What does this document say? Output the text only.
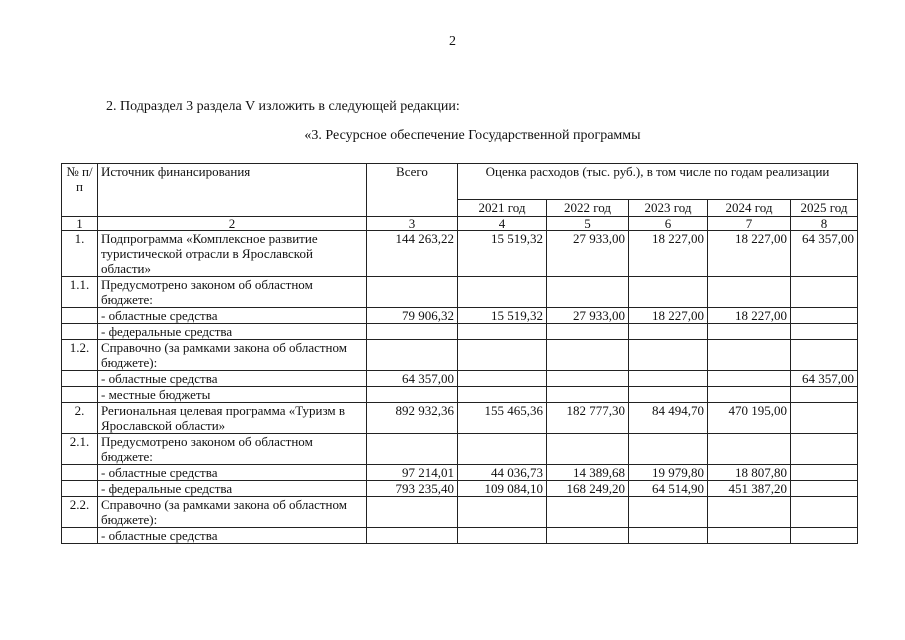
2
2. Подраздел 3 раздела V изложить в следующей редакции:
«3. Ресурсное обеспечение Государственной программы
№ п/п	Источник финансирования	Всего	Оценка расходов (тыс. руб.), в том числе по годам реализации				
			2021 год	2022 год	2023 год	2024 год	2025 год
1	2	3	4	5	6	7	8
1.	Подпрограмма «Комплексное развитие туристической отрасли в Ярославской области»	144 263,22	15 519,32	27 933,00	18 227,00	18 227,00	64 357,00
1.1.	Предусмотрено законом об областном бюджете:						
	- областные средства	79 906,32	15 519,32	27 933,00	18 227,00	18 227,00	
	- федеральные средства						
1.2.	Справочно (за рамками закона об областном бюджете):						
	- областные средства	64 357,00					64 357,00
	- местные бюджеты						
2.	Региональная целевая программа «Туризм в Ярославской области»	892 932,36	155 465,36	182 777,30	84 494,70	470 195,00	
2.1.	Предусмотрено законом об областном бюджете:						
	- областные средства	97 214,01	44 036,73	14 389,68	19 979,80	18 807,80	
	- федеральные средства	793 235,40	109 084,10	168 249,20	64 514,90	451 387,20	
2.2.	Справочно (за рамками закона об областном бюджете):						
	- областные средства						
